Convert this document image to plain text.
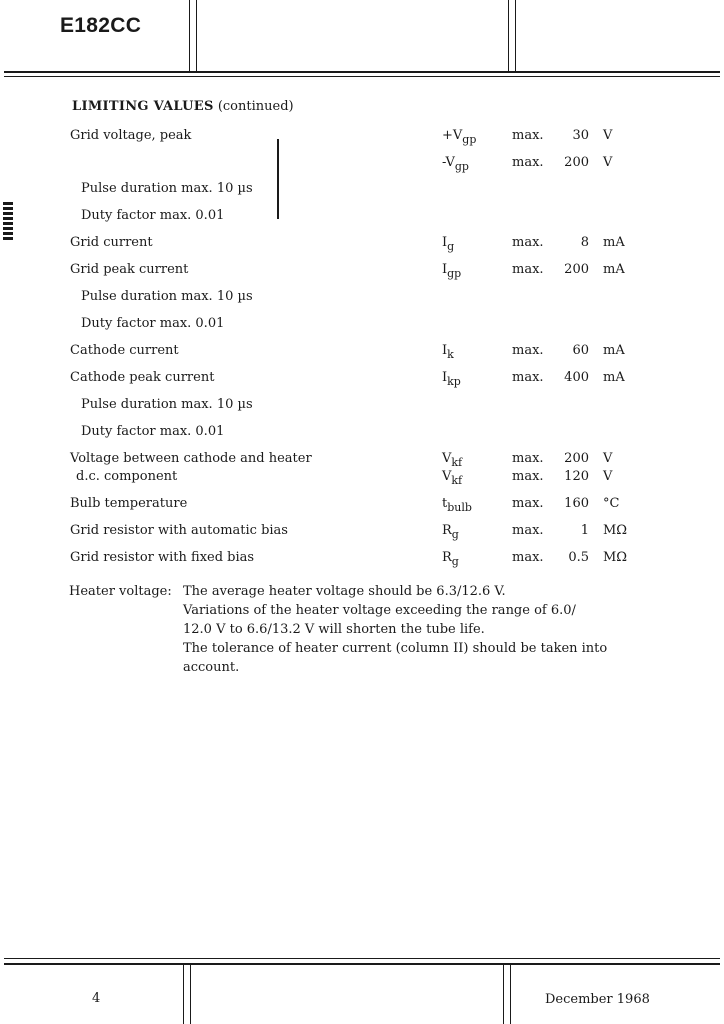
E182CC
LIMITING VALUES (continued)
Grid voltage, peak	$+V_{gp}$	max. 30 V
$-V_{gp}$	max. 200 V
Pulse duration max. 10 µs
Duty factor max. 0.01
Grid current	$I_g$	max.	8 mA
Grid peak current	$I_{gp}$	max. 200 mA
Pulse duration max. 10 µs
Duty factor max. 0.01
Cathode current	$I_k$	max. 60 mA
Cathode peak current	$I_{kp}$	max. 400 mA
Pulse duration max. 10 µs
Duty factor max. 0.01
Voltage between cathode and heater	$V_{kf}$	max. 200 V
d.c. component	$V_{kf}$	max. 120 V
Bulb temperature	$t_{bulb}$	max. 160 °C
Grid resistor with automatic bias	$R_g$	max.	1 MΩ
Grid resistor with fixed bias	$R_g$	max. 0.5 MΩ
Heater voltage: The average heater voltage should be 6.3/12.6 V.
Variations of the heater voltage exceeding the range of 6.0/
12.0 V to 6.6/13.2 V will shorten the tube life.
The tolerance of heater current (column II) should be taken into
account.
4	December 1968
